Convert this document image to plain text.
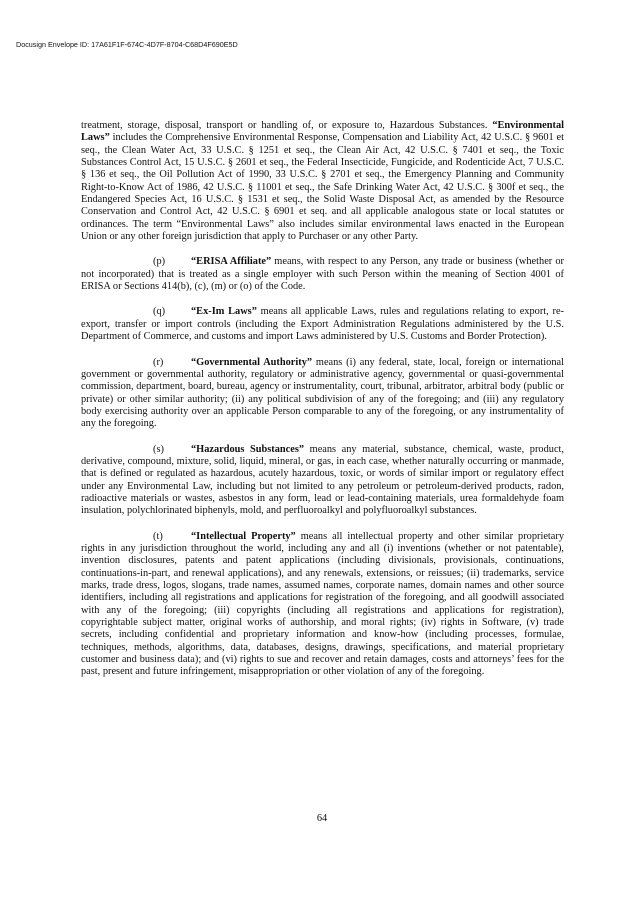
Docusign Envelope ID: 17A61F1F-674C-4D7F-8704-C68D4F690E5D

treatment, storage, disposal, transport or handling of, or exposure to, Hazardous Substances. “Environmental Laws” includes the Comprehensive Environmental Response, Compensation and Liability Act, 42 U.S.C. § 9601 et seq., the Clean Water Act, 33 U.S.C. § 1251 et seq., the Clean Air Act, 42 U.S.C. § 7401 et seq., the Toxic Substances Control Act, 15 U.S.C. § 2601 et seq., the Federal Insecticide, Fungicide, and Rodenticide Act, 7 U.S.C. § 136 et seq., the Oil Pollution Act of 1990, 33 U.S.C. § 2701 et seq., the Emergency Planning and Community Right-to-Know Act of 1986, 42 U.S.C. § 11001 et seq., the Safe Drinking Water Act, 42 U.S.C. § 300f et seq., the Endangered Species Act, 16 U.S.C. § 1531 et seq., the Solid Waste Disposal Act, as amended by the Resource Conservation and Control Act, 42 U.S.C. § 6901 et seq. and all applicable analogous state or local statutes or ordinances. The term “Environmental Laws” also includes similar environmental laws enacted in the European Union or any other foreign jurisdiction that apply to Purchaser or any other Party.

(p)	“ERISA Affiliate” means, with respect to any Person, any trade or business (whether or not incorporated) that is treated as a single employer with such Person within the meaning of Section 4001 of ERISA or Sections 414(b), (c), (m) or (o) of the Code.

(q)	“Ex-Im Laws” means all applicable Laws, rules and regulations relating to export, re-export, transfer or import controls (including the Export Administration Regulations administered by the U.S. Department of Commerce, and customs and import Laws administered by U.S. Customs and Border Protection).

(r)	“Governmental Authority” means (i) any federal, state, local, foreign or international government or governmental authority, regulatory or administrative agency, governmental or quasi-governmental commission, department, board, bureau, agency or instrumentality, court, tribunal, arbitrator, arbitral body (public or private) or other similar authority; (ii) any political subdivision of any of the foregoing; and (iii) any regulatory body exercising authority over an applicable Person comparable to any of the foregoing, or any instrumentality of any the foregoing.

(s)	“Hazardous Substances” means any material, substance, chemical, waste, product, derivative, compound, mixture, solid, liquid, mineral, or gas, in each case, whether naturally occurring or manmade, that is defined or regulated as hazardous, acutely hazardous, toxic, or words of similar import or regulatory effect under any Environmental Law, including but not limited to any petroleum or petroleum-derived products, radon, radioactive materials or wastes, asbestos in any form, lead or lead-containing materials, urea formaldehyde foam insulation, polychlorinated biphenyls, mold, and perfluoroalkyl and polyfluoroalkyl substances.

(t)	“Intellectual Property” means all intellectual property and other similar proprietary rights in any jurisdiction throughout the world, including any and all (i) inventions (whether or not patentable), invention disclosures, patents and patent applications (including divisionals, provisionals, continuations, continuations-in-part, and renewal applications), and any renewals, extensions, or reissues; (ii) trademarks, service marks, trade dress, logos, slogans, trade names, assumed names, corporate names, domain names and other source identifiers, including all registrations and applications for registration of the foregoing, and all goodwill associated with any of the foregoing; (iii) copyrights (including all registrations and applications for registration), copyrightable subject matter, original works of authorship, and moral rights; (iv) rights in Software, (v) trade secrets, including confidential and proprietary information and know-how (including processes, formulae, techniques, methods, algorithms, data, databases, designs, drawings, specifications, and material proprietary customer and business data); and (vi) rights to sue and recover and retain damages, costs and attorneys’ fees for the past, present and future infringement, misappropriation or other violation of any of the foregoing.

64
